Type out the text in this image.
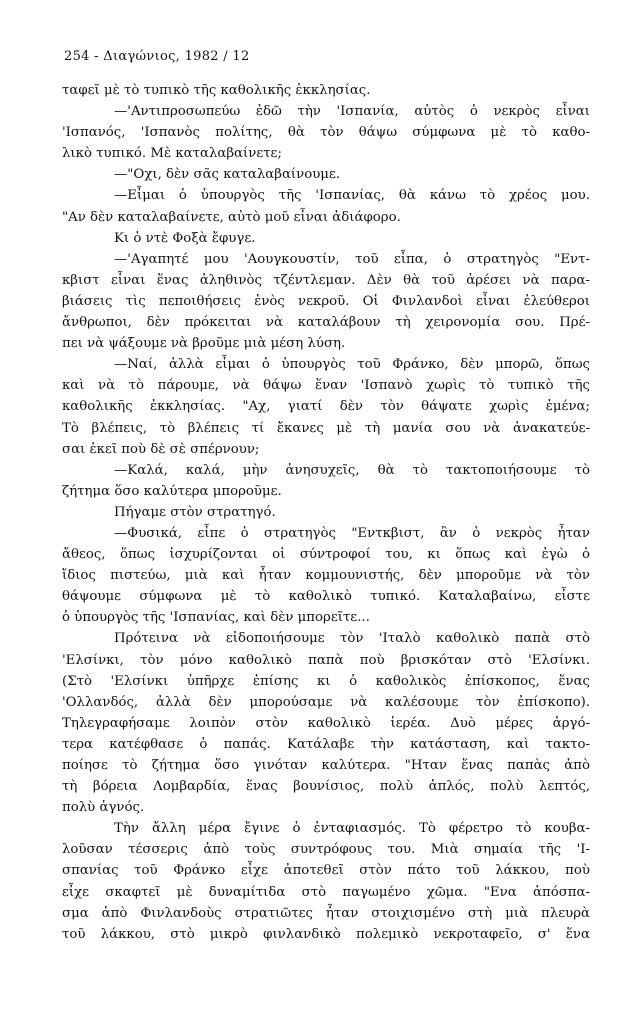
254 - Διαγώνιος, 1982 / 12
ταφεῖ μὲ τὸ τυπικὸ τῆς καθολικῆς ἐκκλησίας.
—'Αντιπροσωπεύω ἐδῶ τὴν 'Ισπανία, αὐτὸς ὁ νεκρὸς εἶναι
'Ισπανός, 'Ισπανὸς πολίτης, θὰ τὸν θάψω σύμφωνα μὲ τὸ καθο-
λικὸ τυπικό. Μὲ καταλαβαίνετε;
—"Οχι, δὲν σᾶς καταλαβαίνουμε.
—Εἶμαι ὁ ὑπουργὸς τῆς 'Ισπανίας, θὰ κάνω τὸ χρέος μου.
"Αν δὲν καταλαβαίνετε, αὐτὸ μοῦ εἶναι ἀδιάφορο.
Κι ὁ ντὲ Φοξὰ ἔφυγε.
—'Αγαπητέ μου 'Αουγκουστίν, τοῦ εἶπα, ὁ στρατηγὸς "Εντ-
κβιστ εἶναι ἕνας ἀληθινὸς τζέντλεμαν. Δὲν θὰ τοῦ ἀρέσει νὰ παρα-
βιάσεις τὶς πεποιθήσεις ἑνὸς νεκροῦ. Οἱ Φινλανδοὶ εἶναι ἐλεύθεροι
ἄνθρωποι, δὲν πρόκειται νὰ καταλάβουν τὴ χειρονομία σου. Πρέ-
πει νὰ ψάξουμε νὰ βροῦμε μιὰ μέση λύση.
—Ναί, ἀλλὰ εἶμαι ὁ ὑπουργὸς τοῦ Φράνκο, δὲν μπορῶ, ὅπως
καὶ νὰ τὸ πάρουμε, νὰ θάψω ἕναν 'Ισπανὸ χωρὶς τὸ τυπικὸ τῆς
καθολικῆς ἐκκλησίας. "Αχ, γιατί δὲν τὸν θάψατε χωρὶς ἐμένα;
Τὸ βλέπεις, τὸ βλέπεις τί ἔκανες μὲ τὴ μανία σου νὰ ἀνακατεύε-
σαι ἐκεῖ ποὺ δὲ σὲ σπέρνουν;
—Καλά, καλά, μὴν ἀνησυχεῖς, θὰ τὸ τακτοποιήσουμε τὸ
ζήτημα ὅσο καλύτερα μποροῦμε.
Πήγαμε στὸν στρατηγό.
—Φυσικά, εἶπε ὁ στρατηγὸς "Εντκβιστ, ἂν ὁ νεκρὸς ἦταν
ἄθεος, ὅπως ἰσχυρίζονται οἱ σύντροφοί του, κι ὅπως καὶ ἐγὼ ὁ
ἴδιος πιστεύω, μιὰ καὶ ἦταν κομμουνιστής, δὲν μποροῦμε νὰ τὸν
θάψουμε σύμφωνα μὲ τὸ καθολικὸ τυπικό. Καταλαβαίνω, εἶστε
ὁ ὑπουργὸς τῆς 'Ισπανίας, καὶ δὲν μπορεῖτε...
Πρότεινα νὰ εἰδοποιήσουμε τὸν 'Ιταλὸ καθολικὸ παπὰ στὸ
'Ελσίνκι, τὸν μόνο καθολικὸ παπὰ ποὺ βρισκόταν στὸ 'Ελσίνκι.
(Στὸ 'Ελσίνκι ὑπῆρχε ἐπίσης κι ὁ καθολικὸς ἐπίσκοπος, ἕνας
'Ολλανδός, ἀλλὰ δὲν μπορούσαμε νὰ καλέσουμε τὸν ἐπίσκοπο).
Τηλεγραφήσαμε λοιπὸν στὸν καθολικὸ ἱερέα. Δυὸ μέρες ἀργό-
τερα κατέφθασε ὁ παπάς. Κατάλαβε τὴν κατάσταση, καὶ τακτο-
ποίησε τὸ ζήτημα ὅσο γινόταν καλύτερα. "Ηταν ἕνας παπὰς ἀπὸ
τὴ βόρεια Λομβαρδία, ἕνας βουνίσιος, πολὺ ἁπλός, πολὺ λεπτός,
πολὺ ἁγνός.
Τὴν ἄλλη μέρα ἔγινε ὁ ἐνταφιασμός. Τὸ φέρετρο τὸ κουβα-
λοῦσαν τέσσερις ἀπὸ τοὺς συντρόφους του. Μιὰ σημαία τῆς 'Ι-
σπανίας τοῦ Φράνκο εἶχε ἀποτεθεῖ στὸν πάτο τοῦ λάκκου, ποὺ
εἶχε σκαφτεῖ μὲ δυναμίτιδα στὸ παγωμένο χῶμα. "Ενα ἀπόσπα-
σμα ἀπὸ Φινλανδοὺς στρατιῶτες ἦταν στοιχισμένο στὴ μιὰ πλευρὰ
τοῦ λάκκου, στὸ μικρὸ φινλανδικὸ πολεμικὸ νεκροταφεῖο, σ' ἕνα
